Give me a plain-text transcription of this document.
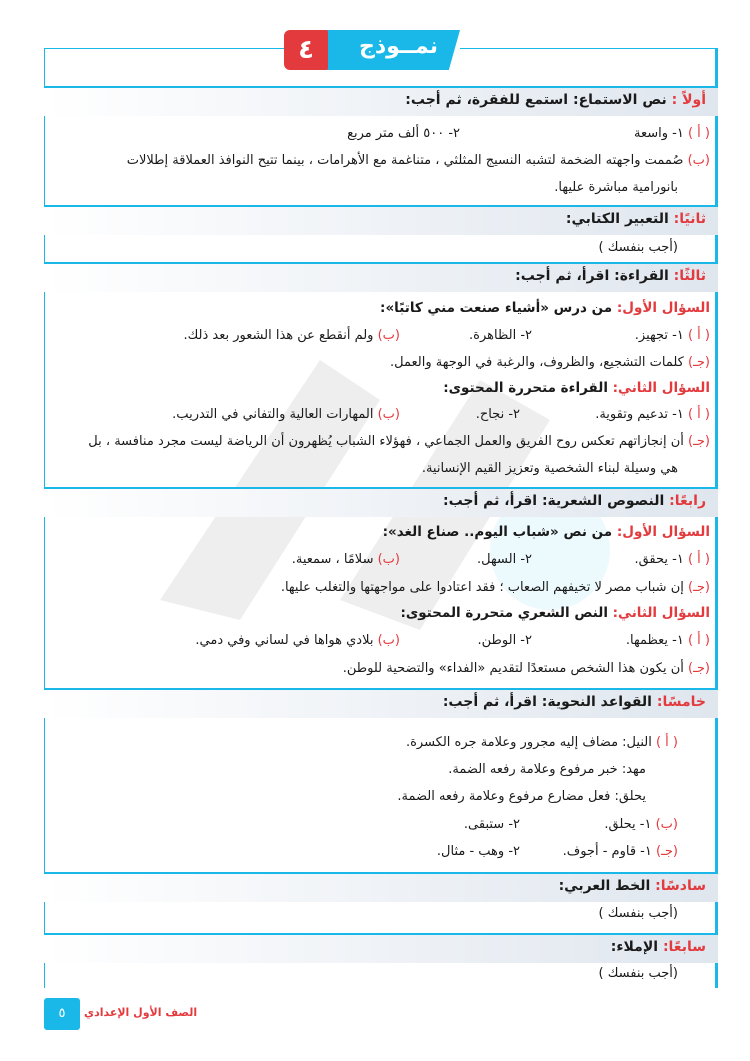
نمــوذج
٤
أولاً : نص الاستماع: استمع للفقرة، ثم أجب:
( أ ) ١- واسعة
٢- ٥٠٠ ألف متر مربع
(ب) صُممت واجهته الضخمة لتشبه النسيج المثلثي ، متناغمة مع الأهرامات ، بينما تتيح النوافذ العملاقة إطلالات
بانورامية مباشرة عليها.
ثانيًا: التعبير الكتابي:
(أجب بنفسك )
ثالثًا: القراءة: اقرأ، ثم أجب:
السؤال الأول: من درس «أشياء صنعت مني كاتبًا»:
( أ ) ١- تجهيز.
٢- الظاهرة.
(ب) ولم أنقطع عن هذا الشعور بعد ذلك.
(جـ) كلمات التشجيع، والظروف، والرغبة في الوجهة والعمل.
السؤال الثاني: القراءة متحررة المحتوى:
( أ ) ١- تدعيم وتقوية.
٢- نجاح.
(ب) المهارات العالية والتفاني في التدريب.
(جـ) أن إنجازاتهم تعكس روح الفريق والعمل الجماعي ، فهؤلاء الشباب يُظهرون أن الرياضة ليست مجرد منافسة ، بل
هي وسيلة لبناء الشخصية وتعزيز القيم الإنسانية.
رابعًا: النصوص الشعرية: اقرأ، ثم أجب:
السؤال الأول: من نص «شباب اليوم.. صناع الغد»:
( أ ) ١- يحقق.
٢- السهل.
(ب) سلامًا ، سمعية.
(جـ) إن شباب مصر لا تخيفهم الصعاب ؛ فقد اعتادوا على مواجهتها والتغلب عليها.
السؤال الثاني: النص الشعري متحررة المحتوى:
( أ ) ١- يعظمها.
٢- الوطن.
(ب) بلادي هواها في لساني وفي دمي.
(جـ) أن يكون هذا الشخص مستعدًا لتقديم «الفداء» والتضحية للوطن.
خامسًا: القواعد النحوية: اقرأ، ثم أجب:
( أ ) النيل: مضاف إليه مجرور وعلامة جره الكسرة.
مهد: خبر مرفوع وعلامة رفعه الضمة.
يحلق: فعل مضارع مرفوع وعلامة رفعه الضمة.
(ب) ١- يحلق.
٢- ستبقى.
(جـ) ١- قاوم - أجوف.
٢- وهب - مثال.
سادسًا: الخط العربي:
(أجب بنفسك )
سابعًا: الإملاء:
(أجب بنفسك )
٥	الصف الأول الإعدادي
